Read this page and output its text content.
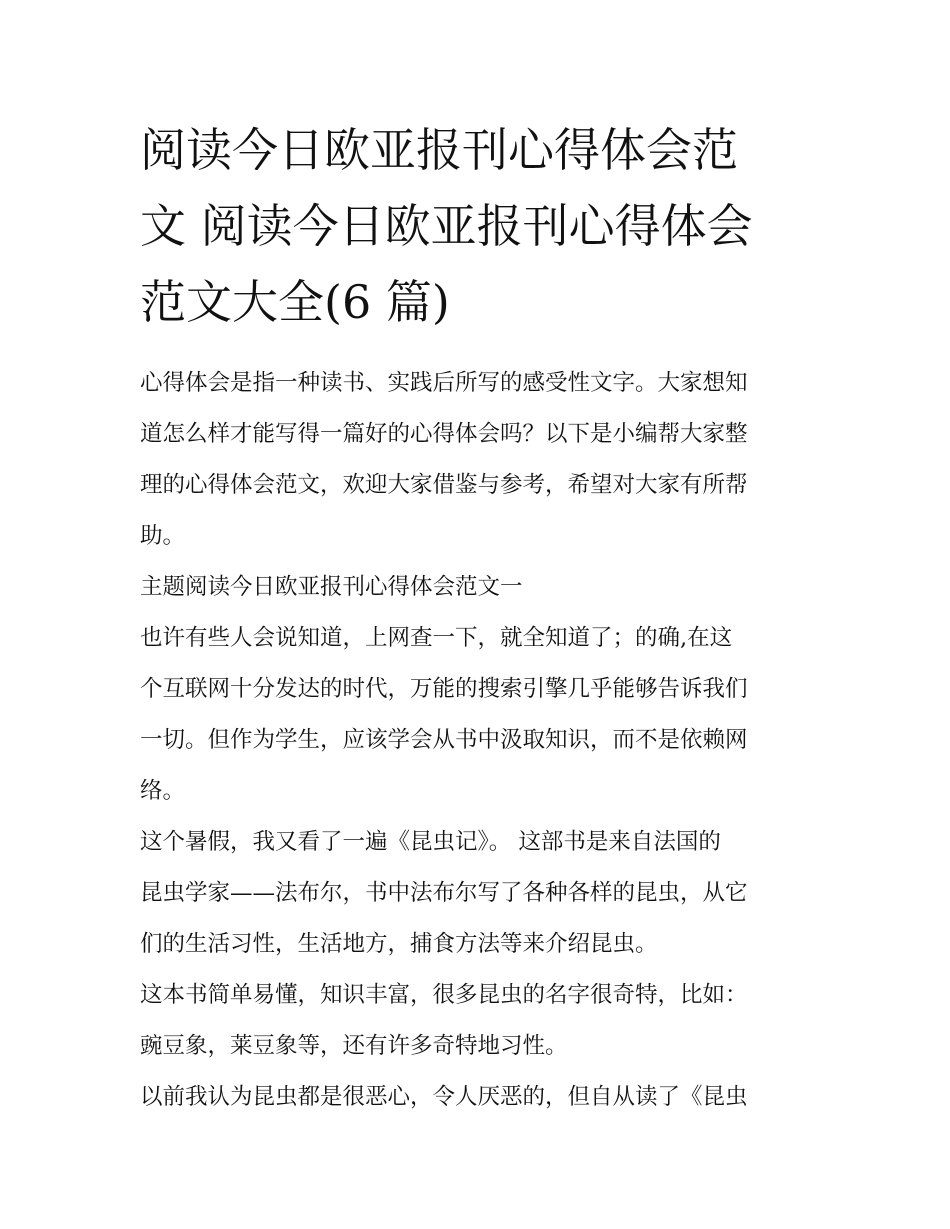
阅读今日欧亚报刊心得体会范
文 阅读今日欧亚报刊心得体会
范文大全(6 篇)

心得体会是指一种读书、实践后所写的感受性文字。大家想知
道怎么样才能写得一篇好的心得体会吗？以下是小编帮大家整
理的心得体会范文，欢迎大家借鉴与参考，希望对大家有所帮
助。

主题阅读今日欧亚报刊心得体会范文一

也许有些人会说知道，上网查一下，就全知道了；的确,在这
个互联网十分发达的时代，万能的搜索引擎几乎能够告诉我们
一切。但作为学生，应该学会从书中汲取知识，而不是依赖网
络。

这个暑假，我又看了一遍《昆虫记》。 这部书是来自法国的
昆虫学家——法布尔，书中法布尔写了各种各样的昆虫，从它
们的生活习性，生活地方，捕食方法等来介绍昆虫。

这本书简单易懂，知识丰富，很多昆虫的名字很奇特，比如：
豌豆象，莱豆象等，还有许多奇特地习性。

以前我认为昆虫都是很恶心，令人厌恶的，但自从读了《昆虫
